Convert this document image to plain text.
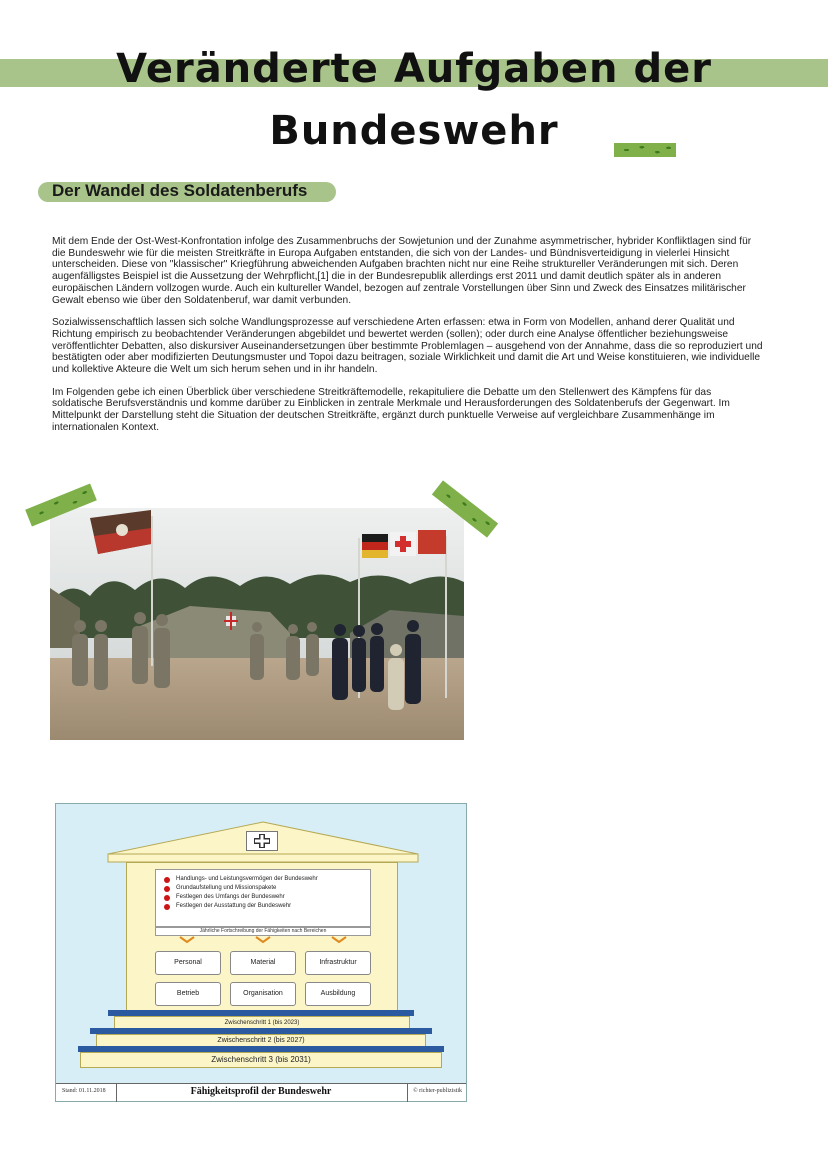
Veränderte Aufgaben der Bundeswehr
Der Wandel des Soldatenberufs

Mit dem Ende der Ost-West-Konfrontation infolge des Zusammenbruchs der Sowjetunion und der Zunahme asymmetrischer, hybrider Konfliktlagen sind für die Bundeswehr wie für die meisten Streitkräfte in Europa Aufgaben entstanden, die sich von der Landes- und Bündnisverteidigung in vielerlei Hinsicht unterscheiden. Diese von "klassischer" Kriegführung abweichenden Aufgaben brachten nicht nur eine Reihe struktureller Veränderungen mit sich. Deren augenfälligstes Beispiel ist die Aussetzung der Wehrpflicht,[1] die in der Bundesrepublik allerdings erst 2011 und damit deutlich später als in anderen europäischen Ländern vollzogen wurde. Auch ein kultureller Wandel, bezogen auf zentrale Vorstellungen über Sinn und Zweck des Einsatzes militärischer Gewalt ebenso wie über den Soldatenberuf, war damit verbunden.

Sozialwissenschaftlich lassen sich solche Wandlungsprozesse auf verschiedene Arten erfassen: etwa in Form von Modellen, anhand derer Qualität und Richtung empirisch zu beobachtender Veränderungen abgebildet und bewertet werden (sollen); oder durch eine Analyse öffentlicher beziehungsweise veröffentlichter Debatten, also diskursiver Auseinandersetzungen über bestimmte Problemlagen – ausgehend von der Annahme, dass die so reproduziert und bestätigten oder aber modifizierten Deutungsmuster und Topoi dazu beitragen, soziale Wirklichkeit und damit die Art und Weise konstituieren, wie individuelle und kollektive Akteure die Welt um sich herum sehen und in ihr handeln.

Im Folgenden gebe ich einen Überblick über verschiedene Streitkräftemodelle, rekapituliere die Debatte um den Stellenwert des Kämpfens für das soldatische Berufsverständnis und komme darüber zu Einblicken in zentrale Merkmale und Herausforderungen des Soldatenberufs der Gegenwart. Im Mittelpunkt der Darstellung steht die Situation der deutschen Streitkräfte, ergänzt durch punktuelle Verweise auf vergleichbare Zusammenhänge im internationalen Kontext.

Handlungs- und Leistungsvermögen der Bundeswehr
Grundaufstellung und Missionspakete
Festlegen des Umfangs der Bundeswehr
Festlegen der Ausstattung der Bundeswehr
Jährliche Fortschreibung der Fähigkeiten nach Bereichen
Personal	Material	Infrastruktur
Betrieb	Organisation	Ausbildung
Zwischenschritt 1 (bis 2023)
Zwischenschritt 2 (bis 2027)
Zwischenschritt 3 (bis 2031)
Stand: 01.11.2018	Fähigkeitsprofil der Bundeswehr	© richter-publizistik
